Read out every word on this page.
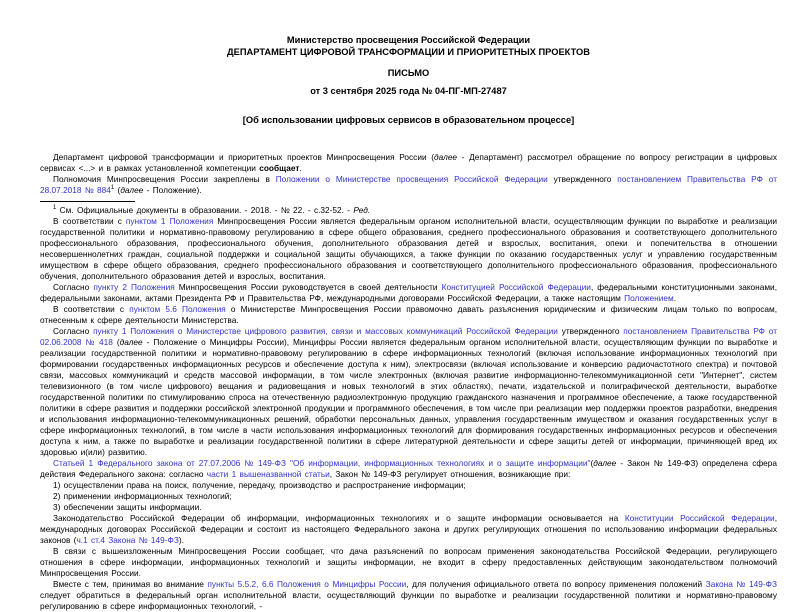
Министерство просвещения Российской Федерации
ДЕПАРТАМЕНТ ЦИФРОВОЙ ТРАНСФОРМАЦИИ И ПРИОРИТЕТНЫХ ПРОЕКТОВ
ПИСЬМО
от 3 сентября 2025 года № 04-ПГ-МП-27487
[Об использовании цифровых сервисов в образовательном процессе]
Департамент цифровой трансформации и приоритетных проектов Минпросвещения России (далее - Департамент) рассмотрел обращение по вопросу регистрации в цифровых сервисах <...> и в рамках установленной компетенции сообщает.
Полномочия Минпросвещения России закреплены в Положении о Министерстве просвещения Российской Федерации утвержденного постановлением Правительства РФ от 28.07.2018 № $884^1$ (далее - Положение).
$^1$ См. Официальные документы в образовании. - 2018. - № 22. - с.32-52. - Ред.
В соответствии с пунктом 1 Положения Минпросвещения России является федеральным органом исполнительной власти, осуществляющим функции по выработке и реализации государственной политики и нормативно-правовому регулированию в сфере общего образования, среднего профессионального образования и соответствующего дополнительного профессионального образования, профессионального обучения, дополнительного образования детей и взрослых, воспитания, опеки и попечительства в отношении несовершеннолетних граждан, социальной поддержки и социальной защиты обучающихся, а также функции по оказанию государственных услуг и управлению государственным имуществом в сфере общего образования, среднего профессионального образования и соответствующего дополнительного профессионального образования, профессионального обучения, дополнительного образования детей и взрослых, воспитания.
Согласно пункту 2 Положения Минпросвещения России руководствуется в своей деятельности Конституцией Российской Федерации, федеральными конституционными законами, федеральными законами, актами Президента РФ и Правительства РФ, международными договорами Российской Федерации, а также настоящим Положением.
В соответствии с пунктом 5.6 Положения о Министерстве Минпросвещения России правомочно давать разъяснения юридическим и физическим лицам только по вопросам, отнесенным к сфере деятельности Министерства.
Согласно пункту 1 Положения о Министерстве цифрового развития, связи и массовых коммуникаций Российской Федерации утвержденного постановлением Правительства РФ от 02.06.2008 № 418 (далее - Положение о Минцифры России), Минцифры России является федеральным органом исполнительной власти, осуществляющим функции по выработке и реализации государственной политики и нормативно-правовому регулированию в сфере информационных технологий (включая использование информационных технологий при формировании государственных информационных ресурсов и обеспечение доступа к ним), электросвязи (включая использование и конверсию радиочастотного спектра) и почтовой связи, массовых коммуникаций и средств массовой информации, в том числе электронных (включая развитие информационно-телекоммуникационной сети "Интернет", систем телевизионного (в том числе цифрового) вещания и радиовещания и новых технологий в этих областях), печати, издательской и полиграфической деятельности, выработке государственной политики по стимулированию спроса на отечественную радиоэлектронную продукцию гражданского назначения и программное обеспечение, а также государственной политики в сфере развития и поддержки российской электронной продукции и программного обеспечения, в том числе при реализации мер поддержки проектов разработки, внедрения и использования информационно-телекоммуникационных решений, обработки персональных данных, управления государственным имуществом и оказания государственных услуг в сфере информационных технологий, в том числе в части использования информационных технологий для формирования государственных информационных ресурсов и обеспечения доступа к ним, а также по выработке и реализации государственной политики в сфере литературной деятельности и сфере защиты детей от информации, причиняющей вред их здоровью и(или) развитию.
Статьей 1 Федерального закона от 27.07.2006 № 149-ФЗ "Об информации, информационных технологиях и о защите информации"(далее - Закон № 149-ФЗ) определена сфера действия Федерального закона: согласно части 1 вышеназванной статьи, Закон № 149-ФЗ регулирует отношения, возникающие при:
1) осуществлении права на поиск, получение, передачу, производство и распространение информации;
2) применении информационных технологий;
3) обеспечении защиты информации.
Законодательство Российской Федерации об информации, информационных технологиях и о защите информации основывается на Конституции Российской Федерации, международных договорах Российской Федерации и состоит из настоящего Федерального закона и других регулирующих отношения по использованию информации федеральных законов (ч.1 ст.4 Закона № 149-ФЗ).
В связи с вышеизложенным Минпросвещения России сообщает, что дача разъяснений по вопросам применения законодательства Российской Федерации, регулирующего отношения в сфере информации, информационных технологий и защиты информации, не входит в сферу предоставленных действующим законодательством полномочий Минпросвещения России.
Вместе с тем, принимая во внимание пункты 5.5.2, 6.6 Положения о Минцифры России, для получения официального ответа по вопросу применения положений Закона № 149-ФЗ следует обратиться в федеральный орган исполнительной власти, осуществляющий функции по выработке и реализации государственной политики и нормативно-правовому регулированию в сфере информационных технологий, -
